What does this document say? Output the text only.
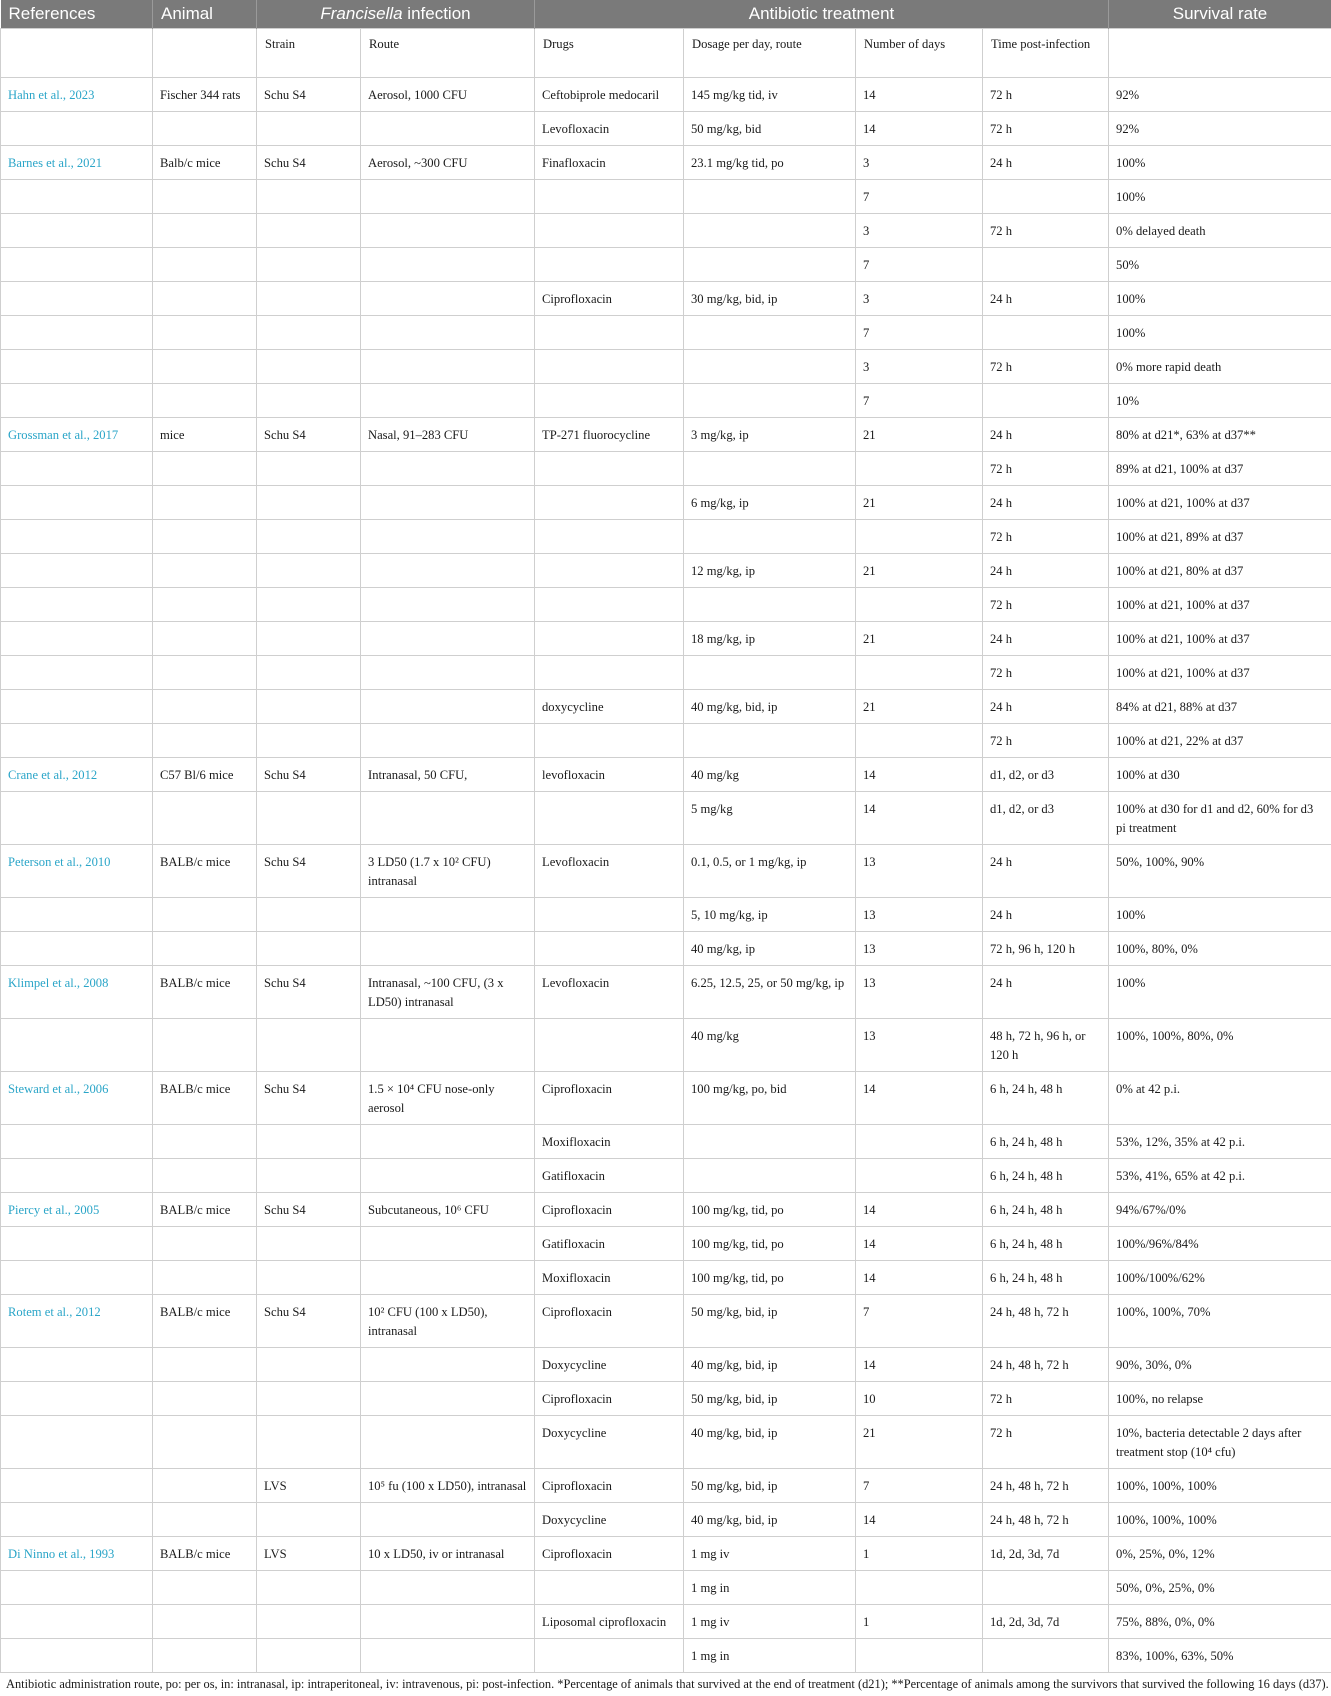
References	Animal	Francisella infection		Antibiotic treatment				Survival rate
		Strain	Route	Drugs	Dosage per day, route	Number of days	Time post-infection	
Hahn et al., 2023	Fischer 344 rats	Schu S4	Aerosol, 1000 CFU	Ceftobiprole medocaril	145 mg/kg tid, iv	14	72 h	92%
				Levofloxacin	50 mg/kg, bid	14	72 h	92%
Barnes et al., 2021	Balb/c mice	Schu S4	Aerosol, ~300 CFU	Finafloxacin	23.1 mg/kg tid, po	3	24 h	100%
						7		100%
						3	72 h	0% delayed death
						7		50%
				Ciprofloxacin	30 mg/kg, bid, ip	3	24 h	100%
						7		100%
						3	72 h	0% more rapid death
						7		10%
Grossman et al., 2017	mice	Schu S4	Nasal, 91–283 CFU	TP-271 fluorocycline	3 mg/kg, ip	21	24 h	80% at d21*, 63% at d37**
							72 h	89% at d21, 100% at d37
					6 mg/kg, ip	21	24 h	100% at d21, 100% at d37
							72 h	100% at d21, 89% at d37
					12 mg/kg, ip	21	24 h	100% at d21, 80% at d37
							72 h	100% at d21, 100% at d37
					18 mg/kg, ip	21	24 h	100% at d21, 100% at d37
							72 h	100% at d21, 100% at d37
				doxycycline	40 mg/kg, bid, ip	21	24 h	84% at d21, 88% at d37
							72 h	100% at d21, 22% at d37
Crane et al., 2012	C57 Bl/6 mice	Schu S4	Intranasal, 50 CFU,	levofloxacin	40 mg/kg	14	d1, d2, or d3	100% at d30
					5 mg/kg	14	d1, d2, or d3	100% at d30 for d1 and d2, 60% for d3 pi treatment
Peterson et al., 2010	BALB/c mice	Schu S4	3 LD50 (1.7 x 10² CFU) intranasal	Levofloxacin	0.1, 0.5, or 1 mg/kg, ip	13	24 h	50%, 100%, 90%
					5, 10 mg/kg, ip	13	24 h	100%
					40 mg/kg, ip	13	72 h, 96 h, 120 h	100%, 80%, 0%
Klimpel et al., 2008	BALB/c mice	Schu S4	Intranasal, ~100 CFU, (3 x LD50) intranasal	Levofloxacin	6.25, 12.5, 25, or 50 mg/kg, ip	13	24 h	100%
					40 mg/kg	13	48 h, 72 h, 96 h, or 120 h	100%, 100%, 80%, 0%
Steward et al., 2006	BALB/c mice	Schu S4	1.5 × 10⁴ CFU nose-only aerosol	Ciprofloxacin	100 mg/kg, po, bid	14	6 h, 24 h, 48 h	0% at 42 p.i.
				Moxifloxacin			6 h, 24 h, 48 h	53%, 12%, 35% at 42 p.i.
				Gatifloxacin			6 h, 24 h, 48 h	53%, 41%, 65% at 42 p.i.
Piercy et al., 2005	BALB/c mice	Schu S4	Subcutaneous, 10⁶ CFU	Ciprofloxacin	100 mg/kg, tid, po	14	6 h, 24 h, 48 h	94%/67%/0%
				Gatifloxacin	100 mg/kg, tid, po	14	6 h, 24 h, 48 h	100%/96%/84%
				Moxifloxacin	100 mg/kg, tid, po	14	6 h, 24 h, 48 h	100%/100%/62%
Rotem et al., 2012	BALB/c mice	Schu S4	10² CFU (100 x LD50), intranasal	Ciprofloxacin	50 mg/kg, bid, ip	7	24 h, 48 h, 72 h	100%, 100%, 70%
				Doxycycline	40 mg/kg, bid, ip	14	24 h, 48 h, 72 h	90%, 30%, 0%
				Ciprofloxacin	50 mg/kg, bid, ip	10	72 h	100%, no relapse
				Doxycycline	40 mg/kg, bid, ip	21	72 h	10%, bacteria detectable 2 days after treatment stop (10⁴ cfu)
		LVS	10⁵ fu (100 x LD50), intranasal	Ciprofloxacin	50 mg/kg, bid, ip	7	24 h, 48 h, 72 h	100%, 100%, 100%
				Doxycycline	40 mg/kg, bid, ip	14	24 h, 48 h, 72 h	100%, 100%, 100%
Di Ninno et al., 1993	BALB/c mice	LVS	10 x LD50, iv or intranasal	Ciprofloxacin	1 mg iv	1	1d, 2d, 3d, 7d	0%, 25%, 0%, 12%
					1 mg in			50%, 0%, 25%, 0%
				Liposomal ciprofloxacin	1 mg iv	1	1d, 2d, 3d, 7d	75%, 88%, 0%, 0%
					1 mg in			83%, 100%, 63%, 50%
Antibiotic administration route, po: per os, in: intranasal, ip: intraperitoneal, iv: intravenous, pi: post-infection. *Percentage of animals that survived at the end of treatment (d21); **Percentage of animals among the survivors that survived the following 16 days (d37).
